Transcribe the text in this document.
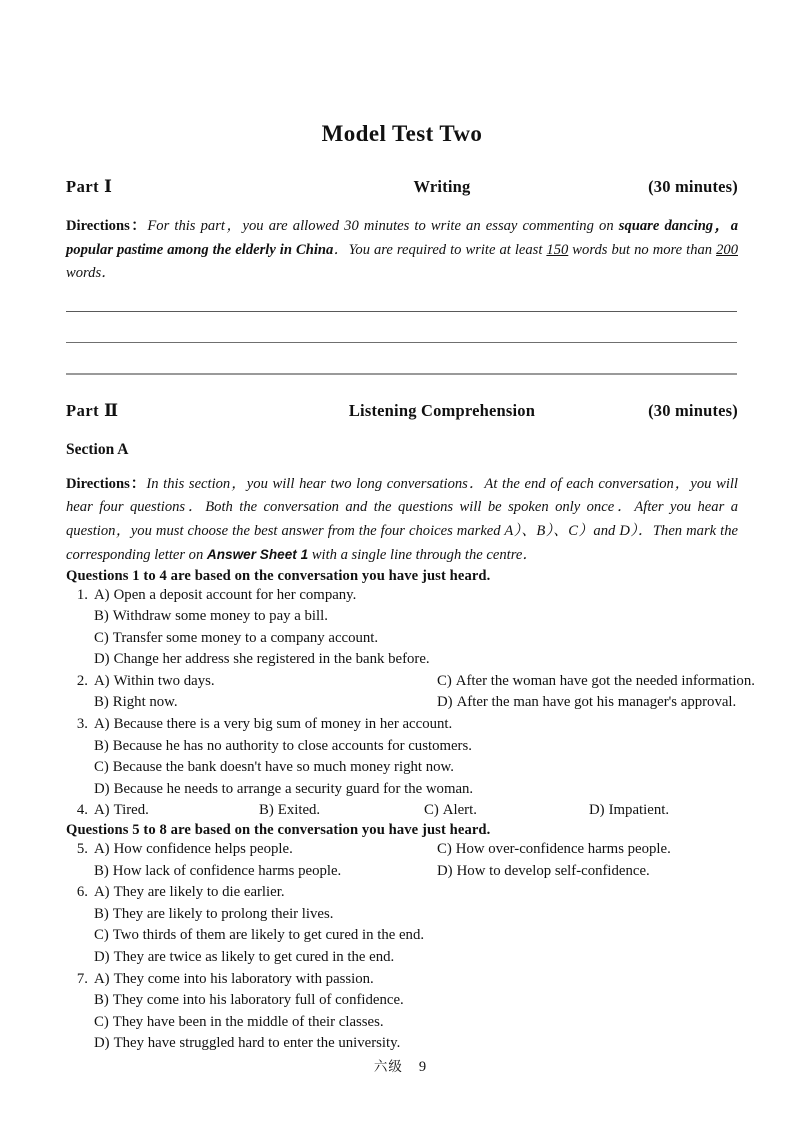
Model Test Two
Part Ⅰ	Writing	(30 minutes)

Directions：For this part，you are allowed 30 minutes to write an essay commenting on square dancing，a popular pastime among the elderly in China．You are required to write at least 150 words but no more than 200 words．

Part Ⅱ	Listening Comprehension	(30 minutes)
Section A

Directions：In this section，you will hear two long conversations．At the end of each conversation，you will hear four questions．Both the conversation and the questions will be spoken only once．After you hear a question，you must choose the best answer from the four choices marked A）、B）、C）and D）．Then mark the corresponding letter on Answer Sheet 1 with a single line through the centre．

Questions 1 to 4 are based on the conversation you have just heard.
1. A) Open a deposit account for her company.
B) Withdraw some money to pay a bill.
C) Transfer some money to a company account.
D) Change her address she registered in the bank before.
2. A) Within two days.	C) After the woman have got the needed information.
B) Right now.	D) After the man have got his manager's approval.
3. A) Because there is a very big sum of money in her account.
B) Because he has no authority to close accounts for customers.
C) Because the bank doesn't have so much money right now.
D) Because he needs to arrange a security guard for the woman.
4. A) Tired.	B) Exited.	C) Alert.	D) Impatient.
Questions 5 to 8 are based on the conversation you have just heard.
5. A) How confidence helps people.	C) How over-confidence harms people.
B) How lack of confidence harms people.	D) How to develop self-confidence.
6. A) They are likely to die earlier.
B) They are likely to prolong their lives.
C) Two thirds of them are likely to get cured in the end.
D) They are twice as likely to get cured in the end.
7. A) They come into his laboratory with passion.
B) They come into his laboratory full of confidence.
C) They have been in the middle of their classes.
D) They have struggled hard to enter the university.
六级 9
